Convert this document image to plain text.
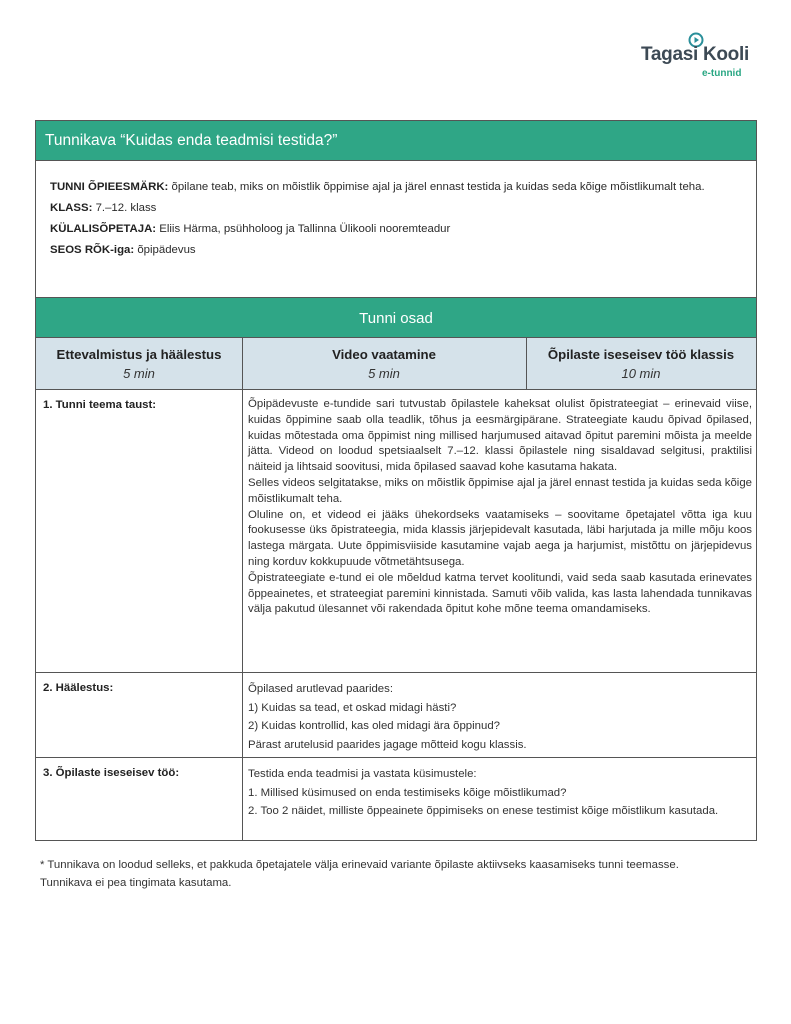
Tagasi Kooli
e-tunnid
Tunnikava “Kuidas enda teadmisi testida?”
TUNNI ÕPIEESMÄRK: õpilane teab, miks on mõistlik õppimise ajal ja järel ennast testida ja kuidas seda kõige mõistlikumalt teha.
KLASS: 7.–12. klass
KÜLALISÕPETAJA: Eliis Härma, psühholoog ja Tallinna Ülikooli nooremteadur
SEOS RÕK-iga: õpipädevus
Tunni osad
Ettevalmistus ja häälestus
5 min
Video vaatamine
5 min
Õpilaste iseseisev töö klassis
10 min
1. Tunni teema taust:	Õpipädevuste e-tundide sari tutvustab õpilastele kaheksat olulist õpistrateegiat – erinevaid viise, kuidas õppimine saab olla teadlik, tõhus ja eesmärgipärane. Strateegiate kaudu õpivad õpilased, kuidas mõtestada oma õppimist ning millised harjumused aitavad õpitut paremini mõista ja meelde jätta. Videod on loodud spetsiaalselt 7.–12. klassi õpilastele ning sisaldavad selgitusi, praktilisi näiteid ja lihtsaid soovitusi, mida õpilased saavad kohe kasutama hakata.

Selles videos selgitatakse, miks on mõistlik õppimise ajal ja järel ennast testida ja kuidas seda kõige mõistlikumalt teha.

Oluline on, et videod ei jääks ühekordseks vaatamiseks – soovitame õpetajatel võtta iga kuu fookusesse üks õpistrateegia, mida klassis järjepidevalt kasutada, läbi harjutada ja mille mõju koos lastega märgata. Uute õppimisviiside kasutamine vajab aega ja harjumist, mistõttu on järjepidevus ning korduv kokkupuude võtmetähtsusega.

Õpistrateegiate e-tund ei ole mõeldud katma tervet koolitundi, vaid seda saab kasutada erinevates õppeainetes, et strateegiat paremini kinnistada. Samuti võib valida, kas lasta lahendada tunnikavas välja pakutud ülesannet või rakendada õpitut kohe mõne teema omandamiseks.

2. Häälestus:	Õpilased arutlevad paarides:
1) Kuidas sa tead, et oskad midagi hästi?
2) Kuidas kontrollid, kas oled midagi ära õppinud?
Pärast arutelusid paarides jagage mõtteid kogu klassis.
3. Õpilaste iseseisev töö:	Testida enda teadmisi ja vastata küsimustele:
1. Millised küsimused on enda testimiseks kõige mõistlikumad?
2. Too 2 näidet, milliste õppeainete õppimiseks on enese testimist kõige mõistlikum kasutada.
* Tunnikava on loodud selleks, et pakkuda õpetajatele välja erinevaid variante õpilaste aktiivseks kaasamiseks tunni teemasse. Tunnikava ei pea tingimata kasutama.
